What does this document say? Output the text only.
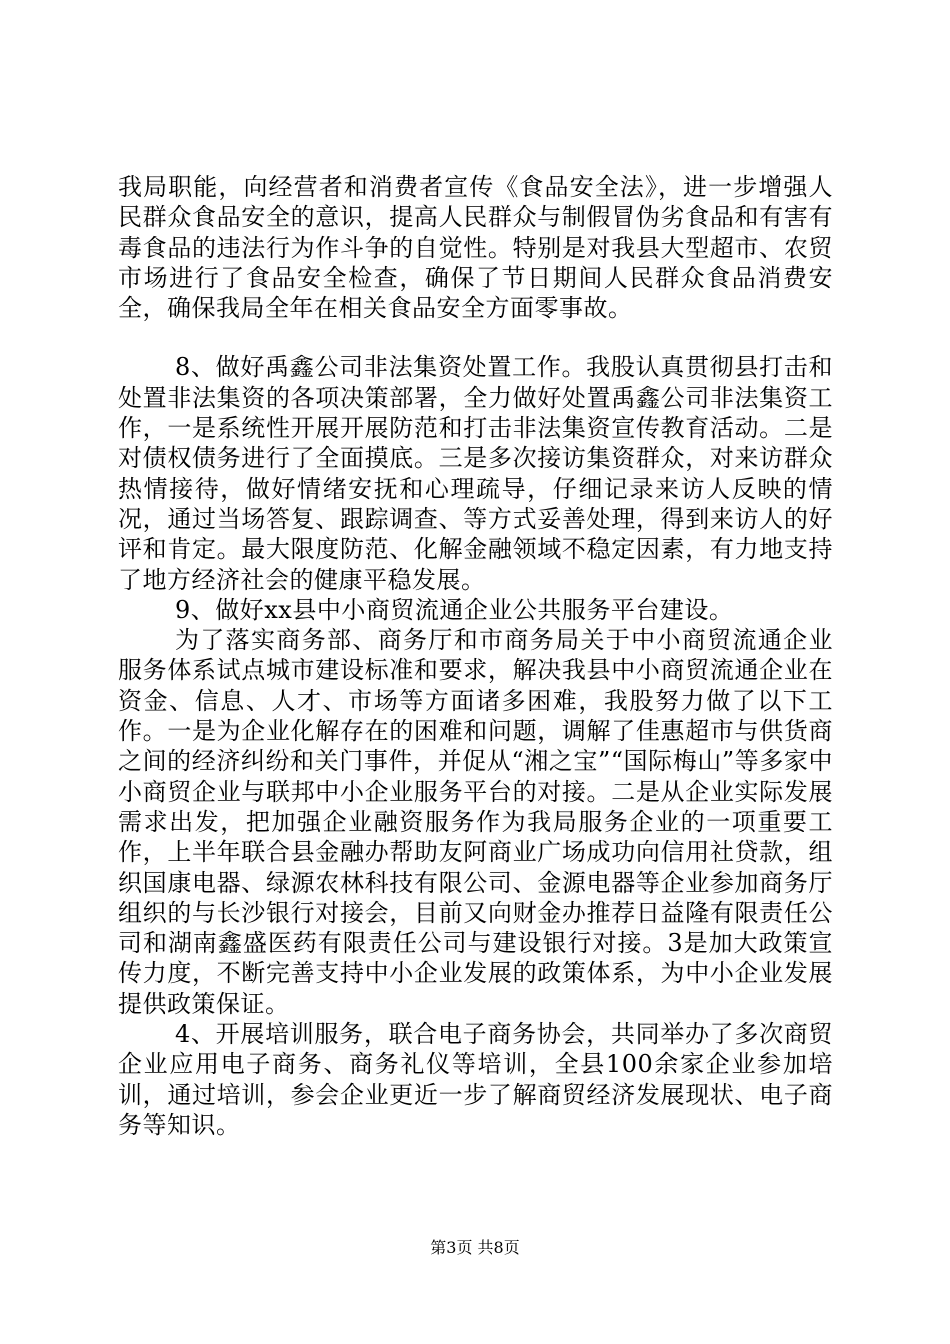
我局职能，向经营者和消费者宣传《食品安全法》，进一步增强人民群众食品安全的意识，提高人民群众与制假冒伪劣食品和有害有毒食品的违法行为作斗争的自觉性。特别是对我县大型超市、农贸市场进行了食品安全检查，确保了节日期间人民群众食品消费安全，确保我局全年在相关食品安全方面零事故。

8、做好禹鑫公司非法集资处置工作。我股认真贯彻县打击和处置非法集资的各项决策部署，全力做好处置禹鑫公司非法集资工作，一是系统性开展开展防范和打击非法集资宣传教育活动。二是对债权债务进行了全面摸底。三是多次接访集资群众，对来访群众热情接待，做好情绪安抚和心理疏导，仔细记录来访人反映的情况，通过当场答复、跟踪调查、等方式妥善处理，得到来访人的好评和肯定。最大限度防范、化解金融领域不稳定因素，有力地支持了地方经济社会的健康平稳发展。

9、做好xx县中小商贸流通企业公共服务平台建设。

为了落实商务部、商务厅和市商务局关于中小商贸流通企业服务体系试点城市建设标准和要求，解决我县中小商贸流通企业在资金、信息、人才、市场等方面诸多困难，我股努力做了以下工作。一是为企业化解存在的困难和问题，调解了佳惠超市与供货商之间的经济纠纷和关门事件，并促从“湘之宝”“国际梅山”等多家中小商贸企业与联邦中小企业服务平台的对接。二是从企业实际发展需求出发，把加强企业融资服务作为我局服务企业的一项重要工作，上半年联合县金融办帮助友阿商业广场成功向信用社贷款，组织国康电器、绿源农林科技有限公司、金源电器等企业参加商务厅组织的与长沙银行对接会，目前又向财金办推荐日益隆有限责任公司和湖南鑫盛医药有限责任公司与建设银行对接。3是加大政策宣传力度，不断完善支持中小企业发展的政策体系，为中小企业发展提供政策保证。

4、开展培训服务，联合电子商务协会，共同举办了多次商贸企业应用电子商务、商务礼仪等培训，全县100余家企业参加培训，通过培训，参会企业更近一步了解商贸经济发展现状、电子商务等知识。

第3页 共8页
